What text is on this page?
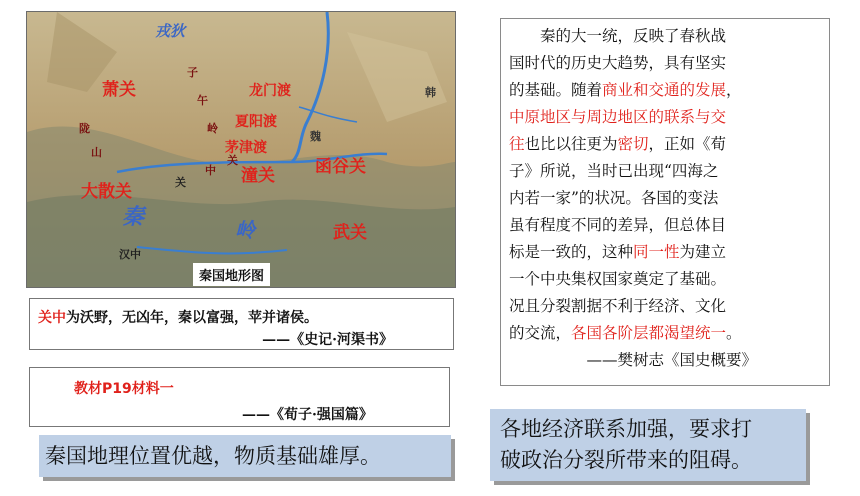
戎狄
秦	岭
萧关	龙门渡
夏阳渡
茅津渡
潼关 函谷关
大散关
武关
子
午
岭
陇
山
关
中
韩
魏
汉中
关
秦国地形图
关中为沃野，无凶年，秦以富强，苹并诸侯。
——《史记·河渠书》
教材P19材料一
——《荀子·强国篇》
秦国地理位置优越，物质基础雄厚。
各地经济联系加强，要求打
破政治分裂所带来的阻碍。
　　秦的大一统，反映了春秋战
国时代的历史大趋势，具有坚实
的基础。随着商业和交通的发展，
中原地区与周边地区的联系与交
往也比以往更为密切，正如《荀
子》所说，当时已出现“四海之
内若一家”的状况。各国的变法
虽有程度不同的差异，但总体目
标是一致的，这种同一性为建立
一个中央集权国家奠定了基础。
况且分裂割据不利于经济、文化
的交流，各国各阶层都渴望统一。
　　　　　——樊树志《国史概要》
